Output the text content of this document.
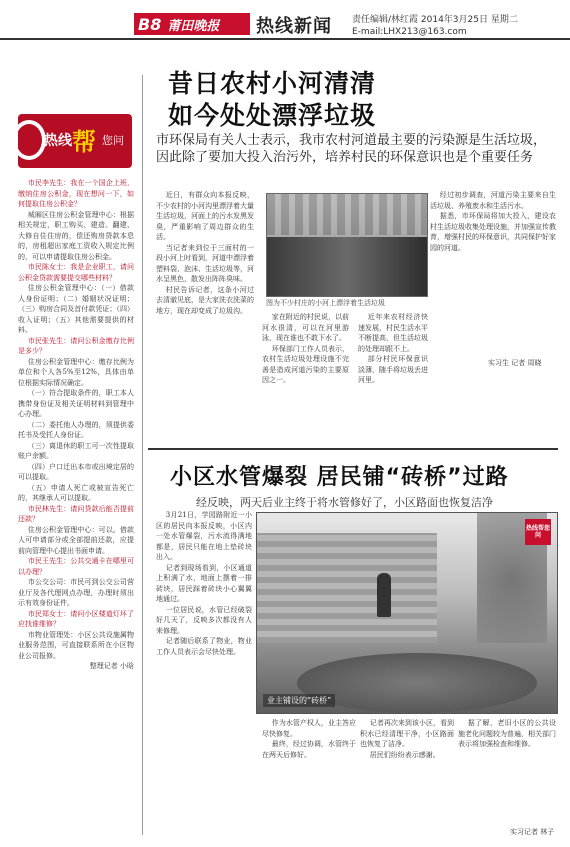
B8 莆田晚报 热线新闻 责任编辑/林红霞 2014年3月25日 星期二
E-mail:LHX213@163.com
热线 帮 您问

市民李先生：我在一个国企上班，缴纳住房公积金，现在想问一下，如何提取住房公积金？

城厢区住房公积金管理中心：根据相关规定，职工购买、建造、翻建、大修自住住房的，偿还购房贷款本息的，房租超出家庭工资收入规定比例的，可以申请提取住房公积金。

市民陈女士：我是企业职工，请问公积金贷款需要提交哪些材料？

住房公积金管理中心：（一）借款人身份证明；（二）婚姻状况证明；（三）购房合同及首付款凭证；（四）收入证明；（五）其他需要提供的材料。

市民张先生：请问公积金缴存比例是多少？

住房公积金管理中心：缴存比例为单位和个人各5%至12%，具体由单位根据实际情况确定。

（一）符合提取条件的，职工本人携带身份证及相关证明材料到管理中心办理。

（二）委托他人办理的，须提供委托书及受托人身份证。

（三）离退休的职工可一次性提取账户余额。

（四）户口迁出本市或出境定居的可以提取。

（五）申请人死亡或被宣告死亡的，其继承人可以提取。

市民林先生：请问贷款后能否提前还款？

住房公积金管理中心：可以。借款人可申请部分或全部提前还款，应提前向管理中心提出书面申请。

市民王先生：公共交通卡在哪里可以办理？

市公交公司：市民可到公交公司营业厅及各代理网点办理，办理时须出示有效身份证件。

市民郑女士：请问小区楼道灯坏了应找谁维修？

市物业管理处：小区公共设施属物业服务范围，可直接联系所在小区物业公司报修。

整理记者 小晗

昔日农村小河清清
如今处处漂浮垃圾
市环保局有关人士表示，我市农村河道最主要的污染源是生活垃圾，因此除了要加大投入治污外，培养村民的环保意识也是个重要任务

近日，有群众向本报反映，不少农村的小河沟里漂浮着大量生活垃圾，河面上的污水发黑发臭，严重影响了周边群众的生活。

当记者来到位于三面村的一段小河上时看到，河道中漂浮着塑料袋、泡沫、生活垃圾等，河水呈黑色，散发出阵阵臭味。

村民告诉记者，这条小河过去清澈见底，是大家洗衣洗菜的地方，现在却变成了垃圾沟。

图为不少村庄的小河上漂浮着生活垃圾

经过初步调查，河道污染主要来自生活垃圾、养殖废水和生活污水。

据悉，市环保局将加大投入，建设农村生活垃圾收集处理设施，并加强宣传教育，增强村民的环保意识，共同保护好家园的河道。

家在附近的村民说，以前河水很清，可以在河里游泳，现在谁也不敢下水了。

环保部门工作人员表示，农村生活垃圾处理设施不完善是造成河道污染的主要原因之一。

近年来农村经济快速发展，村民生活水平不断提高，但生活垃圾的处理却跟不上。

部分村民环保意识淡薄，随手将垃圾丢进河里。

实习生 记者 周晓
小区水管爆裂 居民铺“砖桥”过路
经反映，两天后业主终于将水管修好了，小区路面也恢复洁净
热线帮您问
业主铺设的“砖桥”

3月21日，学园路附近一小区的居民向本报反映，小区内一处水管爆裂，污水流得满地都是，居民只能在地上垫砖块出入。

记者到现场看到，小区通道上积满了水，地面上摆着一排砖块，居民踩着砖块小心翼翼地通过。

一位居民说，水管已经破裂好几天了，反映多次都没有人来修理。

记者随后联系了物业，物业工作人员表示会尽快处理。

作为水管产权人，业主答应尽快修复。

最终，经过协调，水管终于在两天后修好。

记者再次来到该小区，看到积水已经清理干净，小区路面也恢复了洁净。

居民们纷纷表示感谢。

据了解，老旧小区的公共设施老化问题较为普遍，相关部门表示将加强检查和维修。

实习记者 林子
